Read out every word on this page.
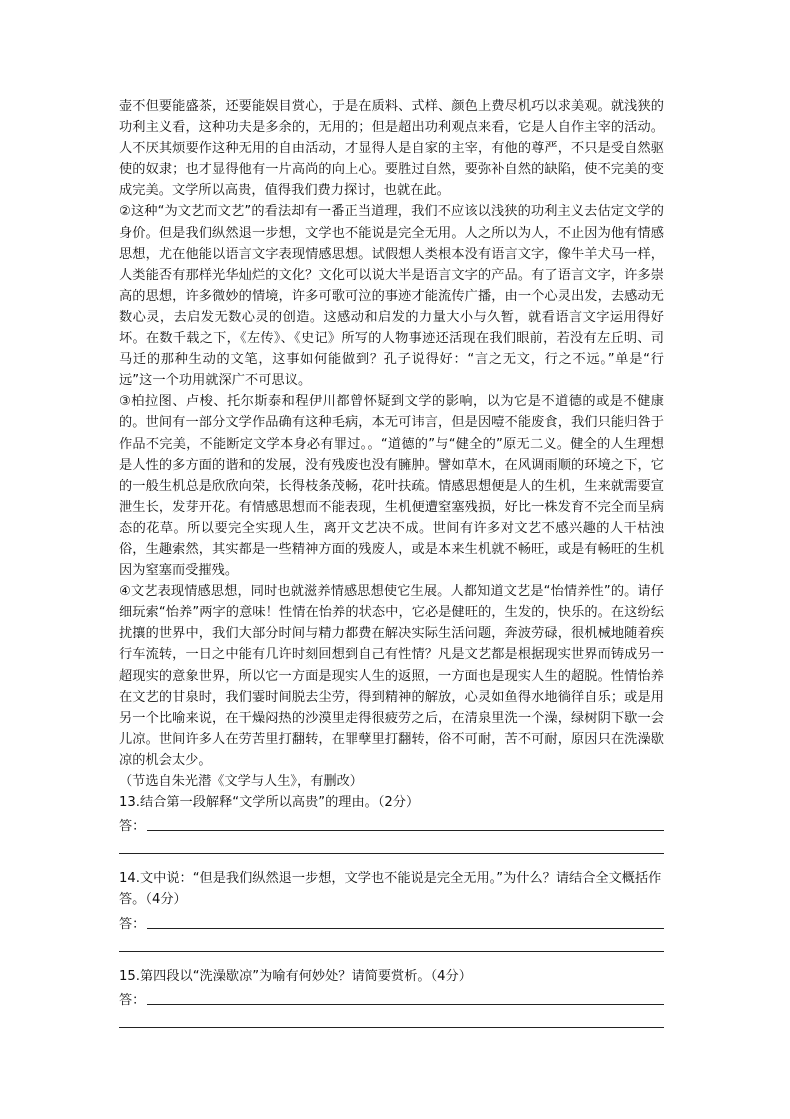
壶不但要能盛茶，还要能娱目赏心，于是在质料、式样、颜色上费尽机巧以求美观。就浅狭的功利主义看，这种功夫是多余的，无用的；但是超出功利观点来看，它是人自作主宰的活动。人不厌其烦要作这种无用的自由活动，才显得人是自家的主宰，有他的尊严，不只是受自然驱使的奴隶；也才显得他有一片高尚的向上心。要胜过自然，要弥补自然的缺陷，使不完美的变成完美。文学所以高贵，值得我们费力探讨，也就在此。

②这种“为文艺而文艺”的看法却有一番正当道理，我们不应该以浅狭的功利主义去估定文学的身价。但是我们纵然退一步想，文学也不能说是完全无用。人之所以为人，不止因为他有情感思想，尤在他能以语言文字表现情感思想。试假想人类根本没有语言文字，像牛羊犬马一样，人类能否有那样光华灿烂的文化？文化可以说大半是语言文字的产品。有了语言文字，许多崇高的思想，许多微妙的情境，许多可歌可泣的事迹才能流传广播，由一个心灵出发，去感动无数心灵，去启发无数心灵的创造。这感动和启发的力量大小与久暂，就看语言文字运用得好坏。在数千载之下，《左传》、《史记》所写的人物事迹还活现在我们眼前，若没有左丘明、司马迁的那种生动的文笔，这事如何能做到？孔子说得好：“言之无文，行之不远。”单是“行远”这一个功用就深广不可思议。

③柏拉图、卢梭、托尔斯泰和程伊川都曾怀疑到文学的影响，以为它是不道德的或是不健康的。世间有一部分文学作品确有这种毛病，本无可讳言，但是因噎不能废食，我们只能归咎于作品不完美，不能断定文学本身必有罪过。。“道德的”与“健全的”原无二义。健全的人生理想是人性的多方面的谐和的发展，没有残废也没有臃肿。譬如草木，在风调雨顺的环境之下，它的一般生机总是欣欣向荣，长得枝条茂畅，花叶扶疏。情感思想便是人的生机，生来就需要宣泄生长，发芽开花。有情感思想而不能表现，生机便遭窒塞残损，好比一株发育不完全而呈病态的花草。所以要完全实现人生，离开文艺决不成。世间有许多对文艺不感兴趣的人干枯浊俗，生趣索然，其实都是一些精神方面的残废人，或是本来生机就不畅旺，或是有畅旺的生机因为窒塞而受摧残。

④文艺表现情感思想，同时也就滋养情感思想使它生展。人都知道文艺是“怡情养性”的。请仔细玩索“怡养”两字的意味！性情在怡养的状态中，它必是健旺的，生发的，快乐的。在这纷纭扰攘的世界中，我们大部分时间与精力都费在解决实际生活问题，奔波劳碌，很机械地随着疾行车流转，一日之中能有几许时刻回想到自己有性情？凡是文艺都是根据现实世界而铸成另一超现实的意象世界，所以它一方面是现实人生的返照，一方面也是现实人生的超脱。性情怡养在文艺的甘泉时，我们霎时间脱去尘劳，得到精神的解放，心灵如鱼得水地徜徉自乐；或是用另一个比喻来说，在干燥闷热的沙漠里走得很疲劳之后，在清泉里洗一个澡，绿树阴下歇一会儿凉。世间许多人在劳苦里打翻转，在罪孽里打翻转，俗不可耐，苦不可耐，原因只在洗澡歇凉的机会太少。

（节选自朱光潜《文学与人生》，有删改）

13.结合第一段解释“文学所以高贵”的理由。（2分）

答：

14.文中说：“但是我们纵然退一步想，文学也不能说是完全无用。”为什么？请结合全文概括作答。（4分）

答：

15.第四段以“洗澡歇凉”为喻有何妙处？请简要赏析。（4分）

答：
